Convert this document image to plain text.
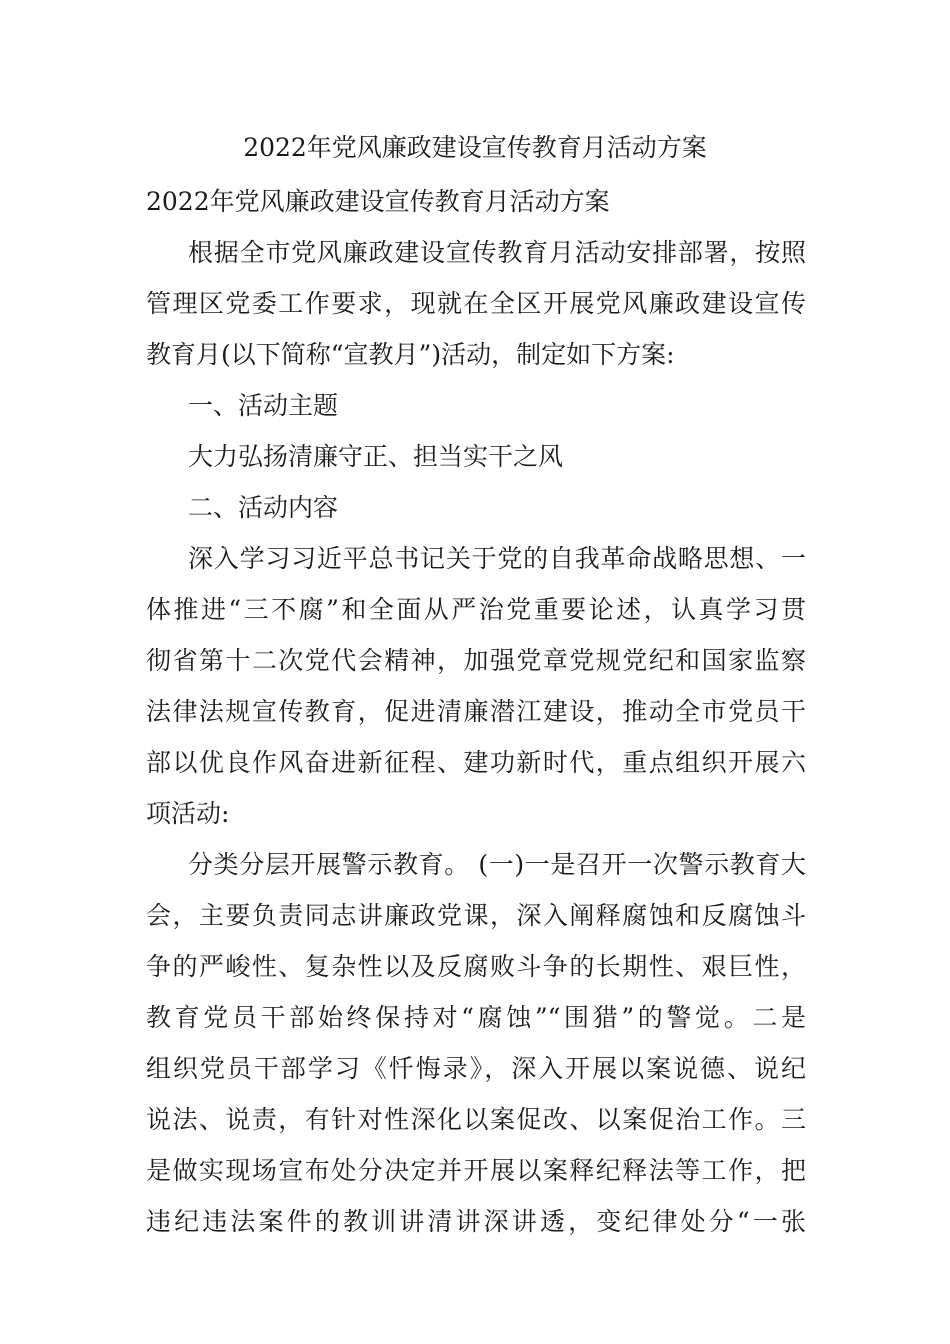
2022年党风廉政建设宣传教育月活动方案
2022年党风廉政建设宣传教育月活动方案
根据全市党风廉政建设宣传教育月活动安排部署，按照
管理区党委工作要求，现就在全区开展党风廉政建设宣传
教育月(以下简称“宣教月”)活动，制定如下方案:
一、活动主题
大力弘扬清廉守正、担当实干之风
二、活动内容
深入学习习近平总书记关于党的自我革命战略思想、一
体推进“三不腐”和全面从严治党重要论述，认真学习贯
彻省第十二次党代会精神，加强党章党规党纪和国家监察
法律法规宣传教育，促进清廉潜江建设，推动全市党员干
部以优良作风奋进新征程、建功新时代，重点组织开展六
项活动:
分类分层开展警示教育。 (一)一是召开一次警示教育大
会，主要负责同志讲廉政党课，深入阐释腐蚀和反腐蚀斗
争的严峻性、复杂性以及反腐败斗争的长期性、艰巨性，
教育党员干部始终保持对“腐蚀”“围猎”的警觉。二是
组织党员干部学习《忏悔录》，深入开展以案说德、说纪
说法、说责，有针对性深化以案促改、以案促治工作。三
是做实现场宣布处分决定并开展以案释纪释法等工作，把
违纪违法案件的教训讲清讲深讲透，变纪律处分“一张
